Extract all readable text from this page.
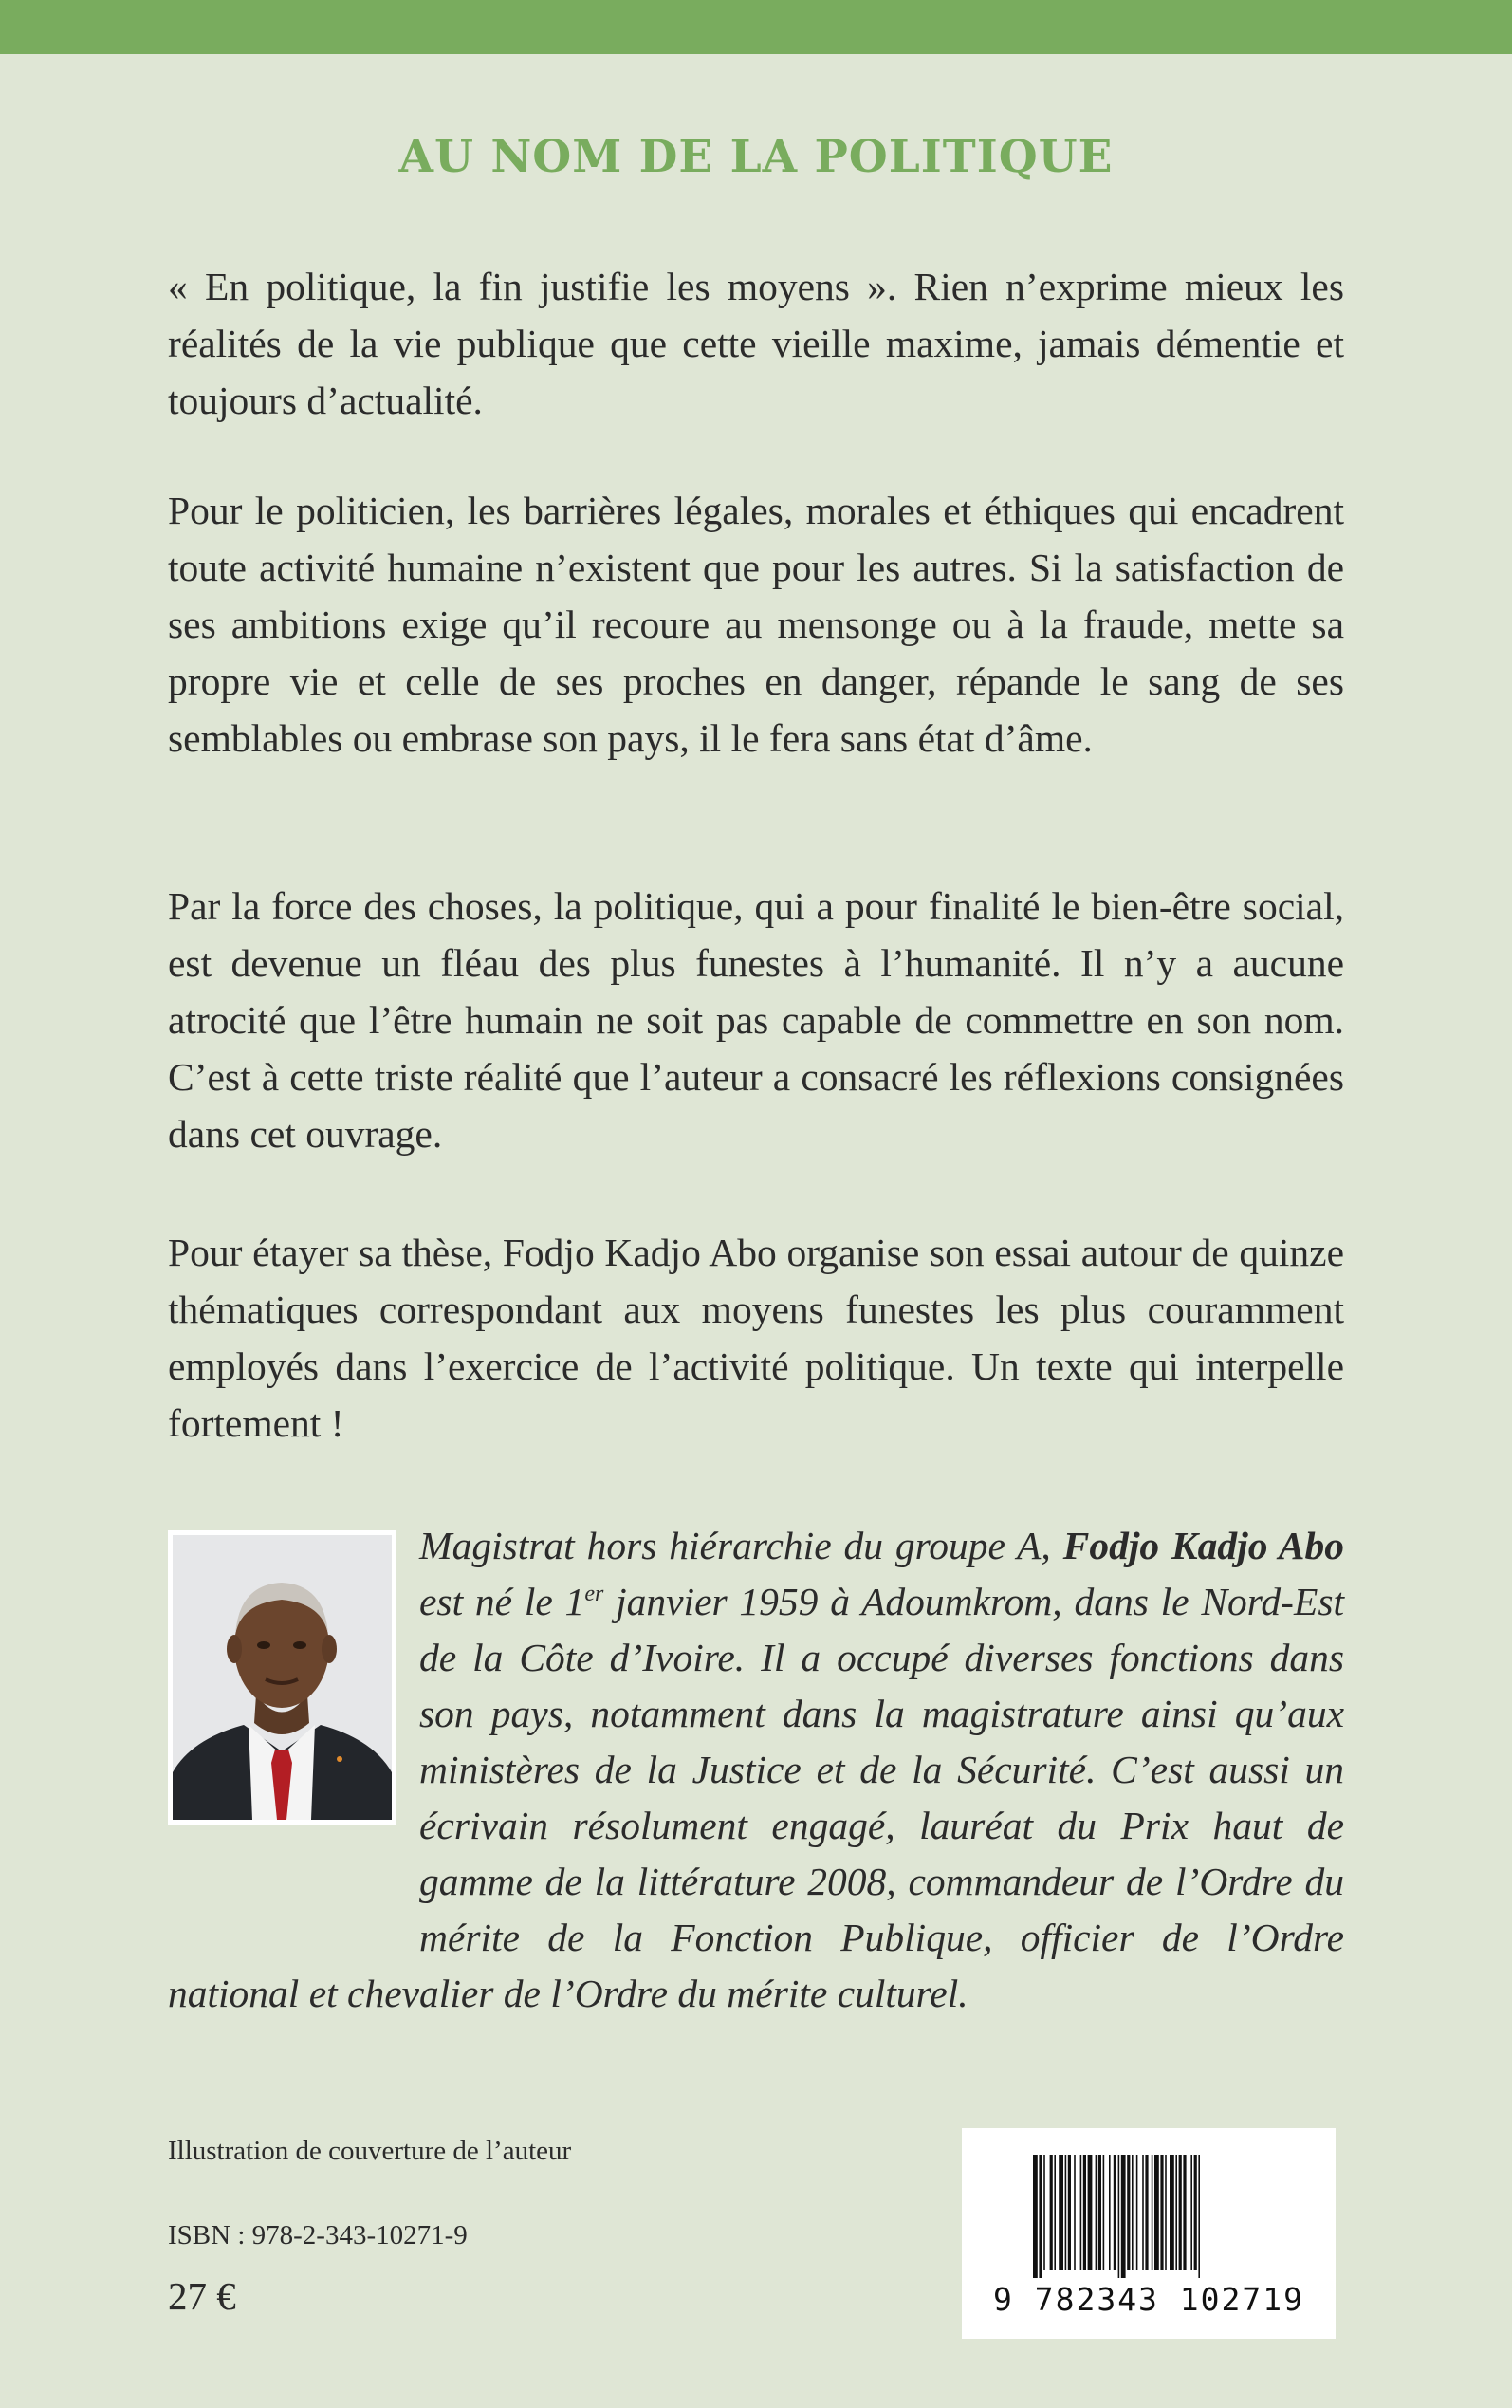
AU NOM DE LA POLITIQUE

« En politique, la fin justifie les moyens ». Rien n’exprime mieux les réalités de la vie publique que cette vieille maxime, jamais démentie et toujours d’actualité.

Pour le politicien, les barrières légales, morales et éthiques qui encadrent toute activité humaine n’existent que pour les autres. Si la satisfaction de ses ambitions exige qu’il recoure au mensonge ou à la fraude, mette sa propre vie et celle de ses proches en danger, répande le sang de ses semblables ou embrase son pays, il le fera sans état d’âme.

Par la force des choses, la politique, qui a pour finalité le bien-être social, est devenue un fléau des plus funestes à l’humanité. Il n’y a aucune atrocité que l’être humain ne soit pas capable de commettre en son nom. C’est à cette triste réalité que l’auteur a consacré les réflexions consignées dans cet ouvrage.

Pour étayer sa thèse, Fodjo Kadjo Abo organise son essai autour de quinze thématiques correspondant aux moyens funestes les plus couramment employés dans l’exercice de l’activité politique. Un texte qui interpelle fortement !

Magistrat hors hiérarchie du groupe A, Fodjo Kadjo Abo est né le 1er janvier 1959 à Adoumkrom, dans le Nord-Est de la Côte d’Ivoire. Il a occupé diverses fonctions dans son pays, notamment dans la magistrature ainsi qu’aux ministères de la Justice et de la Sécurité. C’est aussi un écrivain résolument engagé, lauréat du Prix haut de gamme de la littérature 2008, commandeur de l’Ordre du mérite de la Fonction Publique, officier de l’Ordre national et chevalier de l’Ordre du mérite culturel.
Illustration de couverture de l’auteur
ISBN : 978-2-343-10271-9
27 €	9 782343 102719
